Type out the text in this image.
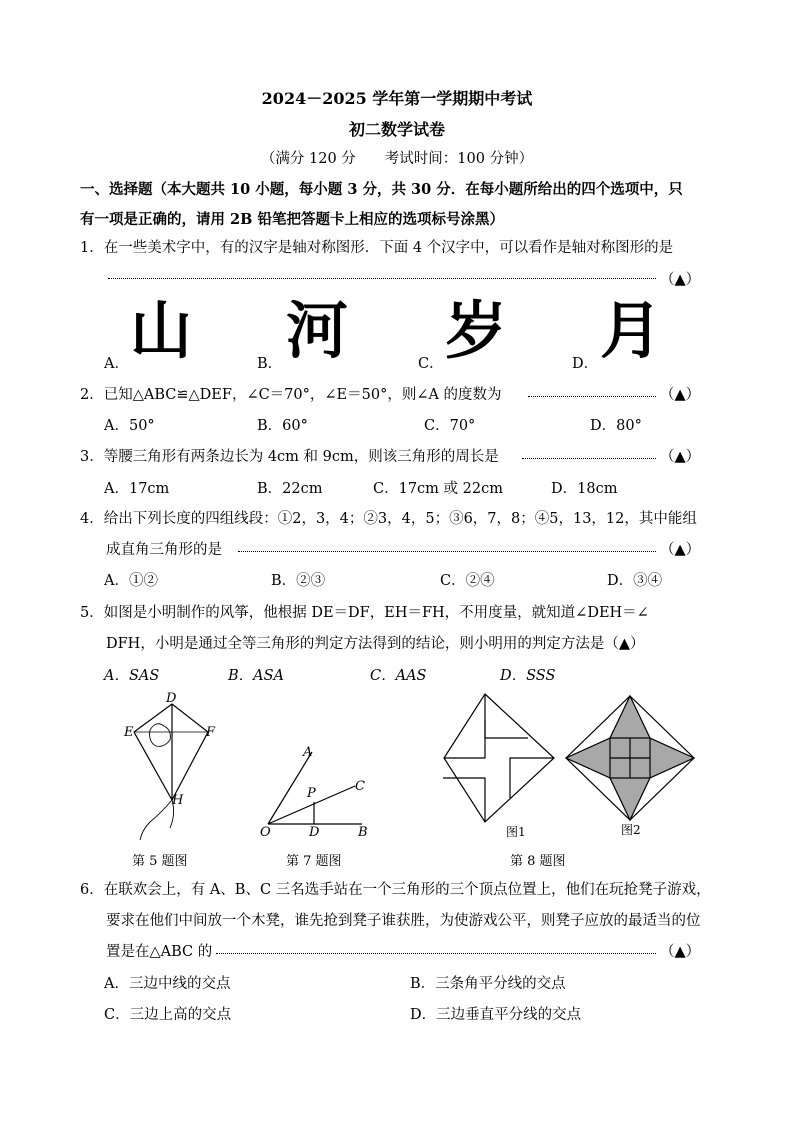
2024－2025 学年第一学期期中考试
初二数学试卷
（满分 120 分　　考试时间：100 分钟）
一、选择题（本大题共 10 小题，每小题 3 分，共 30 分．在每小题所给出的四个选项中，只
有一项是正确的，请用 2B 铅笔把答题卡上相应的选项标号涂黑）
1．在一些美术字中，有的汉字是轴对称图形．下面 4 个汉字中，可以看作是轴对称图形的是
（▲）
A． 山	B． 河	C． 岁	D． 月
2．已知△ABC≌△DEF，∠C＝70°，∠E＝50°，则∠A 的度数为	（▲）
A．50°	B．60°	C．70°	D．80°
3．等腰三角形有两条边长为 4cm 和 9cm，则该三角形的周长是	（▲）
A．17cm	B．22cm	C．17cm 或 22cm	D．18cm
4．给出下列长度的四组线段：①2，3，4；②3，4，5；③6，7，8；④5，13，12，其中能组
成直角三角形的是	（▲）
A．①②	B．②③	C．②④	D．③④
5．如图是小明制作的风筝，他根据 DE＝DF，EH＝FH，不用度量，就知道∠DEH＝∠
DFH，小明是通过全等三角形的判定方法得到的结论，则小明用的判定方法是（▲）
A．SAS	B．ASA	C．AAS	D．SSS
D
E	F
H
A
P	C
O	D	B	图1	图2
第 5 题图	第 7 题图	第 8 题图
6．在联欢会上，有 A、B、C 三名选手站在一个三角形的三个顶点位置上，他们在玩抢凳子游戏，
要求在他们中间放一个木凳，谁先抢到凳子谁获胜，为使游戏公平，则凳子应放的最适当的位
置是在△ABC 的	（▲）
A．三边中线的交点	B．三条角平分线的交点
C．三边上高的交点	D．三边垂直平分线的交点
